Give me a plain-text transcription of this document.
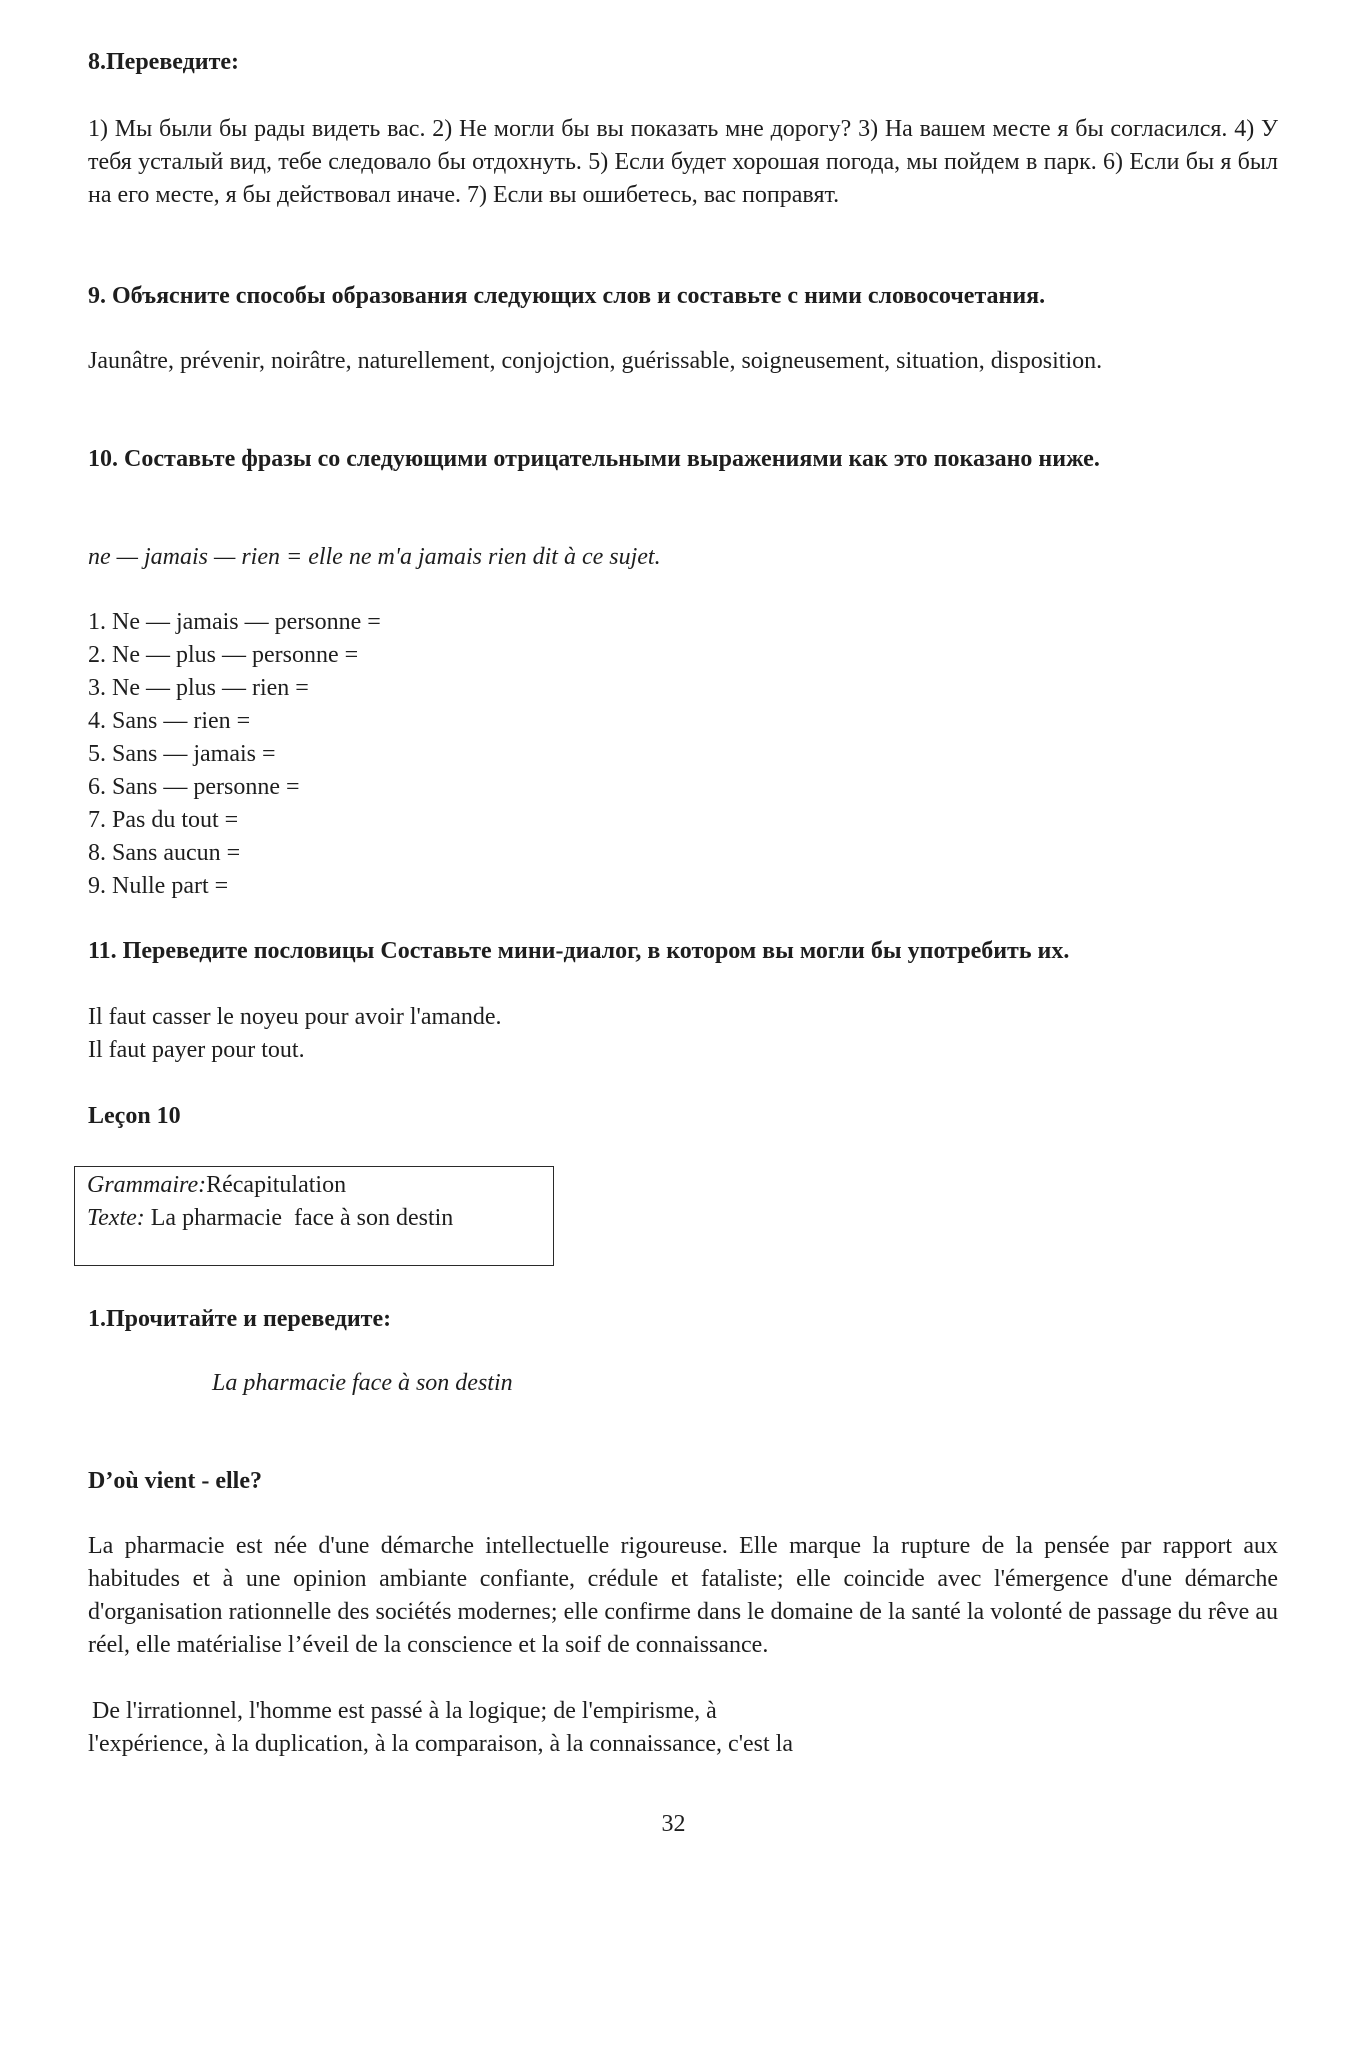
8.Переведите:
1) Мы были бы рады видеть вас. 2) Не могли бы вы показать мне дорогу? 3) На вашем месте я бы согласился. 4) У тебя усталый вид, тебе следовало бы отдохнуть. 5) Если будет хорошая погода, мы пойдем в парк. 6) Если бы я был на его месте, я бы действовал иначе. 7) Если вы ошибетесь, вас поправят.
9. Объясните способы образования следующих слов и составьте с ними словосочетания.
Jaunâtre, prévenir, noirâtre, naturellement, conjojction, guérissable, soigneusement, situation, disposition.
10. Составьте фразы со следующими отрицательными выражениями как это показано ниже.
ne — jamais — rien = elle ne m'a jamais rien dit à ce sujet.
1. Ne — jamais — personne =
2. Ne — plus — personne =
3. Ne — plus — rien =
4. Sans — rien =
5. Sans — jamais =
6. Sans — personne =
7. Pas du tout =
8. Sans aucun =
9. Nulle part =
11. Переведите пословицы Составьте мини-диалог, в котором вы могли бы употребить их.
Il faut casser le noyeu pour avoir l'amande.
Il faut payer pour tout.
Leçon 10
Grammaire:Récapitulation
Texte: La pharmacie  face à son destin
1.Прочитайте и переведите:
La pharmacie face à son destin
D’où vient - elle?
La pharmacie est née d'une démarche intellectuelle rigoureuse. Elle marque la rupture de la pensée par rapport aux habitudes et à une opinion ambiante confiante, crédule et fataliste; elle coincide avec l'émergence d'une démarche d'organisation rationnelle des sociétés modernes; elle confirme dans le domaine de la santé la volonté de passage du rêve au réel, elle matérialise l’éveil de la conscience et la soif de connaissance.
De l'irrationnel, l'homme est passé à la logique; de l'empirisme, à
l'expérience, à la duplication, à la comparaison, à la connaissance, c'est la
32
